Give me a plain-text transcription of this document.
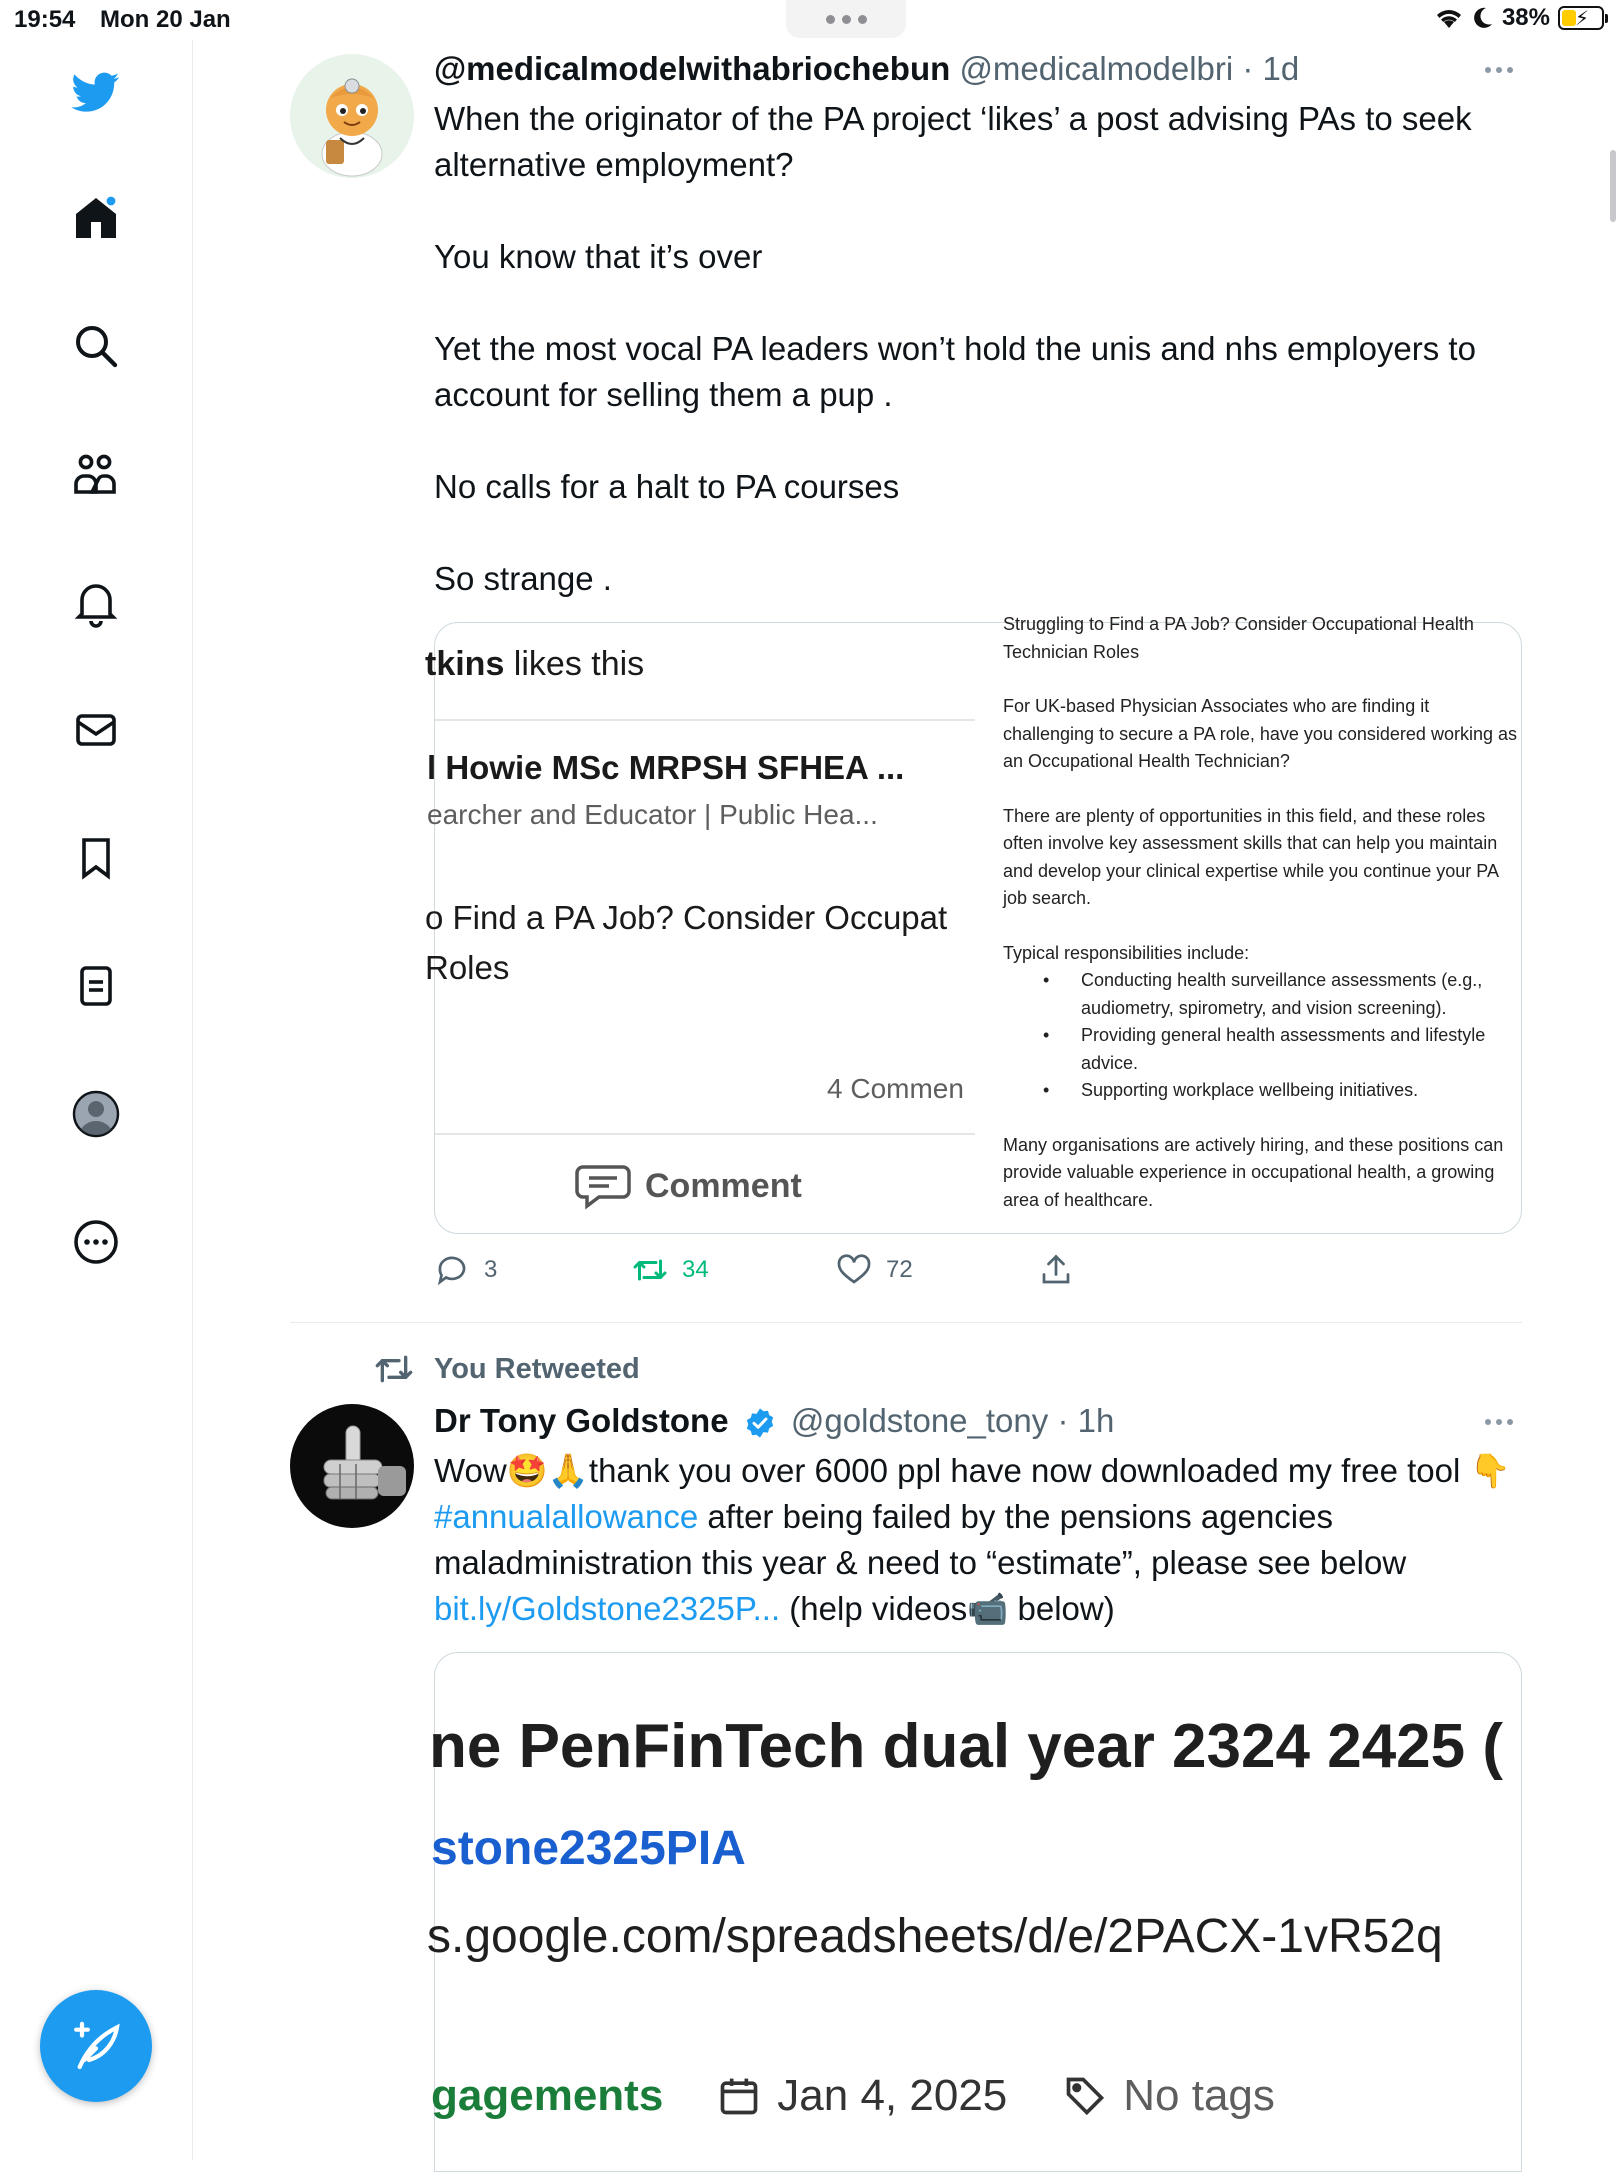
19:54 Mon 20 Jan	38% ⚡
@medicalmodelwithabriochebun @medicalmodelbri · 1d

When the originator of the PA project ‘likes’ a post advising PAs to seek alternative employment?

You know that it’s over

Yet the most vocal PA leaders won’t hold the unis and nhs employers to account for selling them a pup .

No calls for a halt to PA courses

So strange .

tkins likes this
l Howie MSc MRPSH SFHEA ...
earcher and Educator | Public Hea...
o Find a PA Job? Consider Occupat Roles
4 Commen
Comment

Struggling to Find a PA Job? Consider Occupational Health Technician Roles

For UK-based Physician Associates who are finding it challenging to secure a PA role, have you considered working as an Occupational Health Technician?

There are plenty of opportunities in this field, and these roles often involve key assessment skills that can help you maintain and develop your clinical expertise while you continue your PA job search.

Typical responsibilities include:

• Conducting health surveillance assessments (e.g., audiometry, spirometry, and vision screening).

• Providing general health assessments and lifestyle advice.

• Supporting workplace wellbeing initiatives.

Many organisations are actively hiring, and these positions can provide valuable experience in occupational health, a growing area of healthcare.

3	34	72
You Retweeted
Dr Tony Goldstone @goldstone_tony · 1h
Wow🤩🙏thank you over 6000 ppl have now downloaded my free tool 👇#annualallowance after being failed by the pensions agencies maladministration this year & need to “estimate”, please see below bit.ly/Goldstone2325P... (help videos📹 below)
ne PenFinTech dual year 2324 2425 (
stone2325PIA
s.google.com/spreadsheets/d/e/2PACX-1vR52q
gagements	Jan 4, 2025	No tags
